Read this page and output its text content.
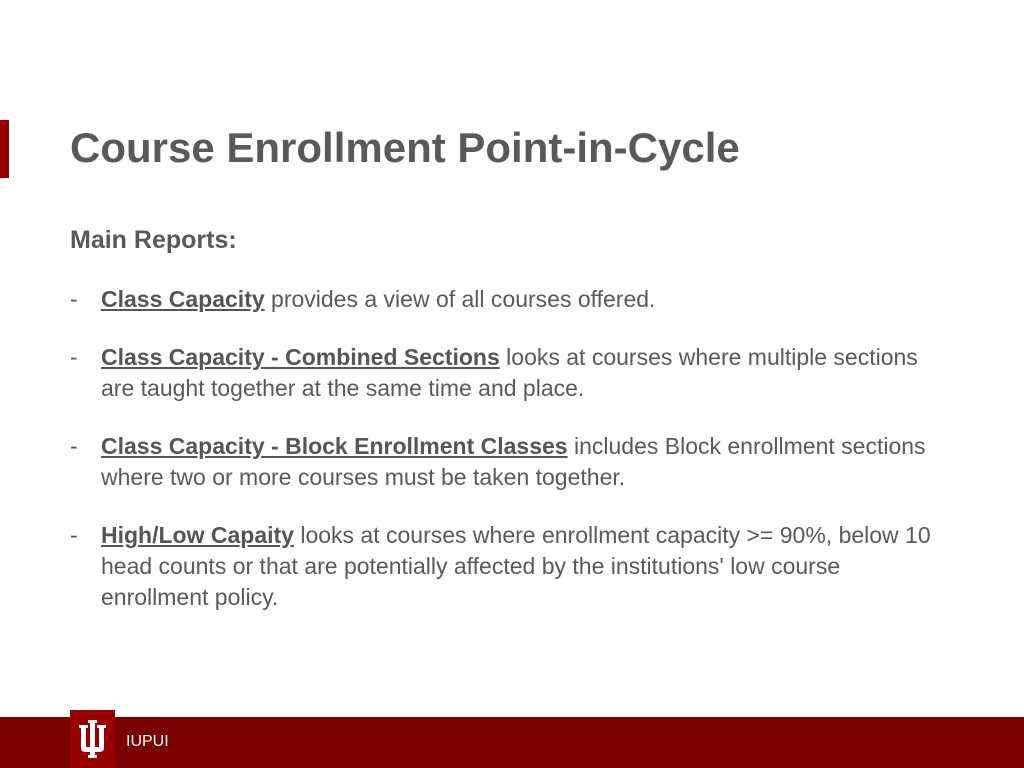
Course Enrollment Point-in-Cycle
Main Reports:
- Class Capacity provides a view of all courses offered.
- Class Capacity - Combined Sections looks at courses where multiple sections are taught together at the same time and place.
- Class Capacity - Block Enrollment Classes includes Block enrollment sections where two or more courses must be taken together.
- High/Low Capaity looks at courses where enrollment capacity >= 90%, below 10 head counts or that are potentially affected by the institutions' low course enrollment policy.
IUPUI
